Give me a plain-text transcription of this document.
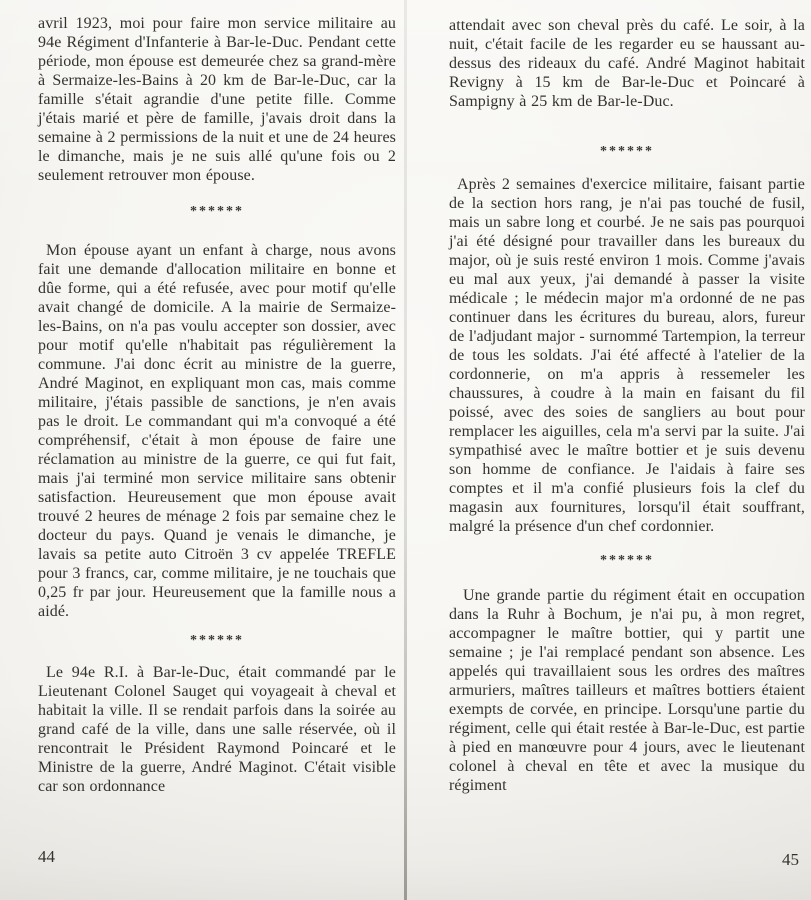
avril 1923, moi pour faire mon service militaire au 94e Régiment d'Infanterie à Bar-le-Duc. Pendant cette période, mon épouse est demeurée chez sa grand-mère à Sermaize-les-Bains à 20 km de Bar-le-Duc, car la famille s'était agrandie d'une petite fille. Comme j'étais marié et père de famille, j'avais droit dans la semaine à 2 permissions de la nuit et une de 24 heures le dimanche, mais je ne suis allé qu'une fois ou 2 seulement retrouver mon épouse.

******

Mon épouse ayant un enfant à charge, nous avons fait une demande d'allocation militaire en bonne et dûe forme, qui a été refusée, avec pour motif qu'elle avait changé de domicile. A la mairie de Sermaize-les-Bains, on n'a pas voulu accepter son dossier, avec pour motif qu'elle n'habitait pas régulièrement la commune. J'ai donc écrit au ministre de la guerre, André Maginot, en expliquant mon cas, mais comme militaire, j'étais passible de sanctions, je n'en avais pas le droit. Le commandant qui m'a convoqué a été compréhensif, c'était à mon épouse de faire une réclamation au ministre de la guerre, ce qui fut fait, mais j'ai terminé mon service militaire sans obtenir satisfaction. Heureusement que mon épouse avait trouvé 2 heures de ménage 2 fois par semaine chez le docteur du pays. Quand je venais le dimanche, je lavais sa petite auto Citroën 3 cv appelée TREFLE pour 3 francs, car, comme militaire, je ne touchais que 0,25 fr par jour. Heureusement que la famille nous a aidé.

******

Le 94e R.I. à Bar-le-Duc, était commandé par le Lieutenant Colonel Sauget qui voyageait à cheval et habitait la ville. Il se rendait parfois dans la soirée au grand café de la ville, dans une salle réservée, où il rencontrait le Président Raymond Poincaré et le Ministre de la guerre, André Maginot. C'était visible car son ordonnance

attendait avec son cheval près du café. Le soir, à la nuit, c'était facile de les regarder eu se haussant au-dessus des rideaux du café. André Maginot habitait Revigny à 15 km de Bar-le-Duc et Poincaré à Sampigny à 25 km de Bar-le-Duc.

******

Après 2 semaines d'exercice militaire, faisant partie de la section hors rang, je n'ai pas touché de fusil, mais un sabre long et courbé. Je ne sais pas pourquoi j'ai été désigné pour travailler dans les bureaux du major, où je suis resté environ 1 mois. Comme j'avais eu mal aux yeux, j'ai demandé à passer la visite médicale ; le médecin major m'a ordonné de ne pas continuer dans les écritures du bureau, alors, fureur de l'adjudant major - surnommé Tartempion, la terreur de tous les soldats. J'ai été affecté à l'atelier de la cordonnerie, on m'a appris à ressemeler les chaussures, à coudre à la main en faisant du fil poissé, avec des soies de sangliers au bout pour remplacer les aiguilles, cela m'a servi par la suite. J'ai sympathisé avec le maître bottier et je suis devenu son homme de confiance. Je l'aidais à faire ses comptes et il m'a confié plusieurs fois la clef du magasin aux fournitures, lorsqu'il était souffrant, malgré la présence d'un chef cordonnier.

******

Une grande partie du régiment était en occupation dans la Ruhr à Bochum, je n'ai pu, à mon regret, accompagner le maître bottier, qui y partit une semaine ; je l'ai remplacé pendant son absence. Les appelés qui travaillaient sous les ordres des maîtres armuriers, maîtres tailleurs et maîtres bottiers étaient exempts de corvée, en principe. Lorsqu'une partie du régiment, celle qui était restée à Bar-le-Duc, est partie à pied en manœuvre pour 4 jours, avec le lieutenant colonel à cheval en tête et avec la musique du régiment

44	45
